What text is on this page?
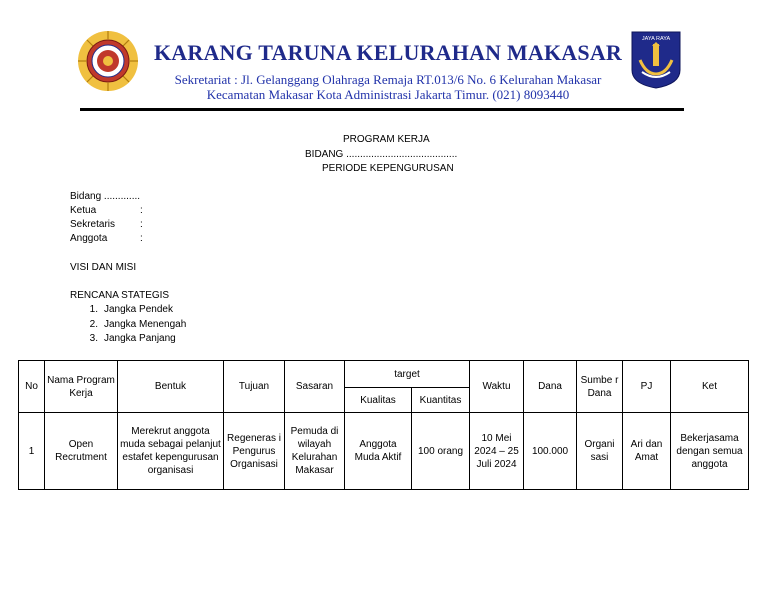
KARANG TARUNA KELURAHAN MAKASAR
Sekretariat : Jl. Gelanggang Olahraga Remaja RT.013/6 No. 6 Kelurahan Makasar
Kecamatan Makasar Kota Administrasi Jakarta Timur. (021) 8093440
JAYA RAYA
PROGRAM KERJA
BIDANG ........................................
PERIODE KEPENGURUSAN
Bidang .............
Ketua	:
Sekretaris :
Anggota	:
VISI DAN MISI
RENCANA STATEGIS
1. Jangka Pendek
2. Jangka Menengah
3. Jangka Panjang
No	Nama Program Kerja	Bentuk	Tujuan	Sasaran	target		Waktu	Dana	Sumbe r Dana	PJ	Ket
					Kualitas	Kuantitas					
1	Open Recrutment	Merekrut anggota muda sebagai pelanjut estafet kepengurusan organisasi	Regeneras i Pengurus Organisasi	Pemuda di wilayah Kelurahan Makasar	Anggota Muda Aktif	100 orang	10 Mei 2024 – 25 Juli 2024	100.000	Organi sasi	Ari dan Amat	Bekerjasama dengan semua anggota
